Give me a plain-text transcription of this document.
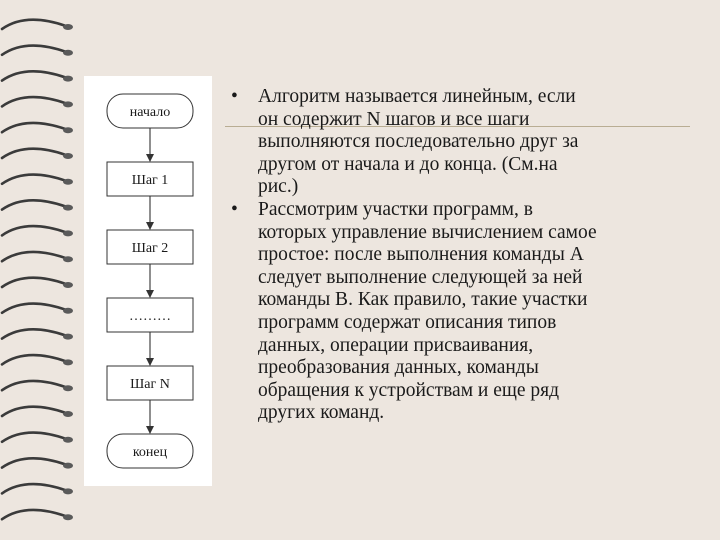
начало
Шаг 1
Шаг 2
………
Шаг N
конец
• Алгоритм называется линейным, если
он содержит N шагов и все шаги
выполняются последовательно друг за
другом от начала и до конца. (См.на
рис.)
• Рассмотрим участки программ, в
которых управление вычислением самое
простое: после выполнения команды А
следует выполнение следующей за ней
команды В. Как правило, такие участки
программ содержат описания типов
данных, операции присваивания,
преобразования данных, команды
обращения к устройствам и еще ряд
других команд.
